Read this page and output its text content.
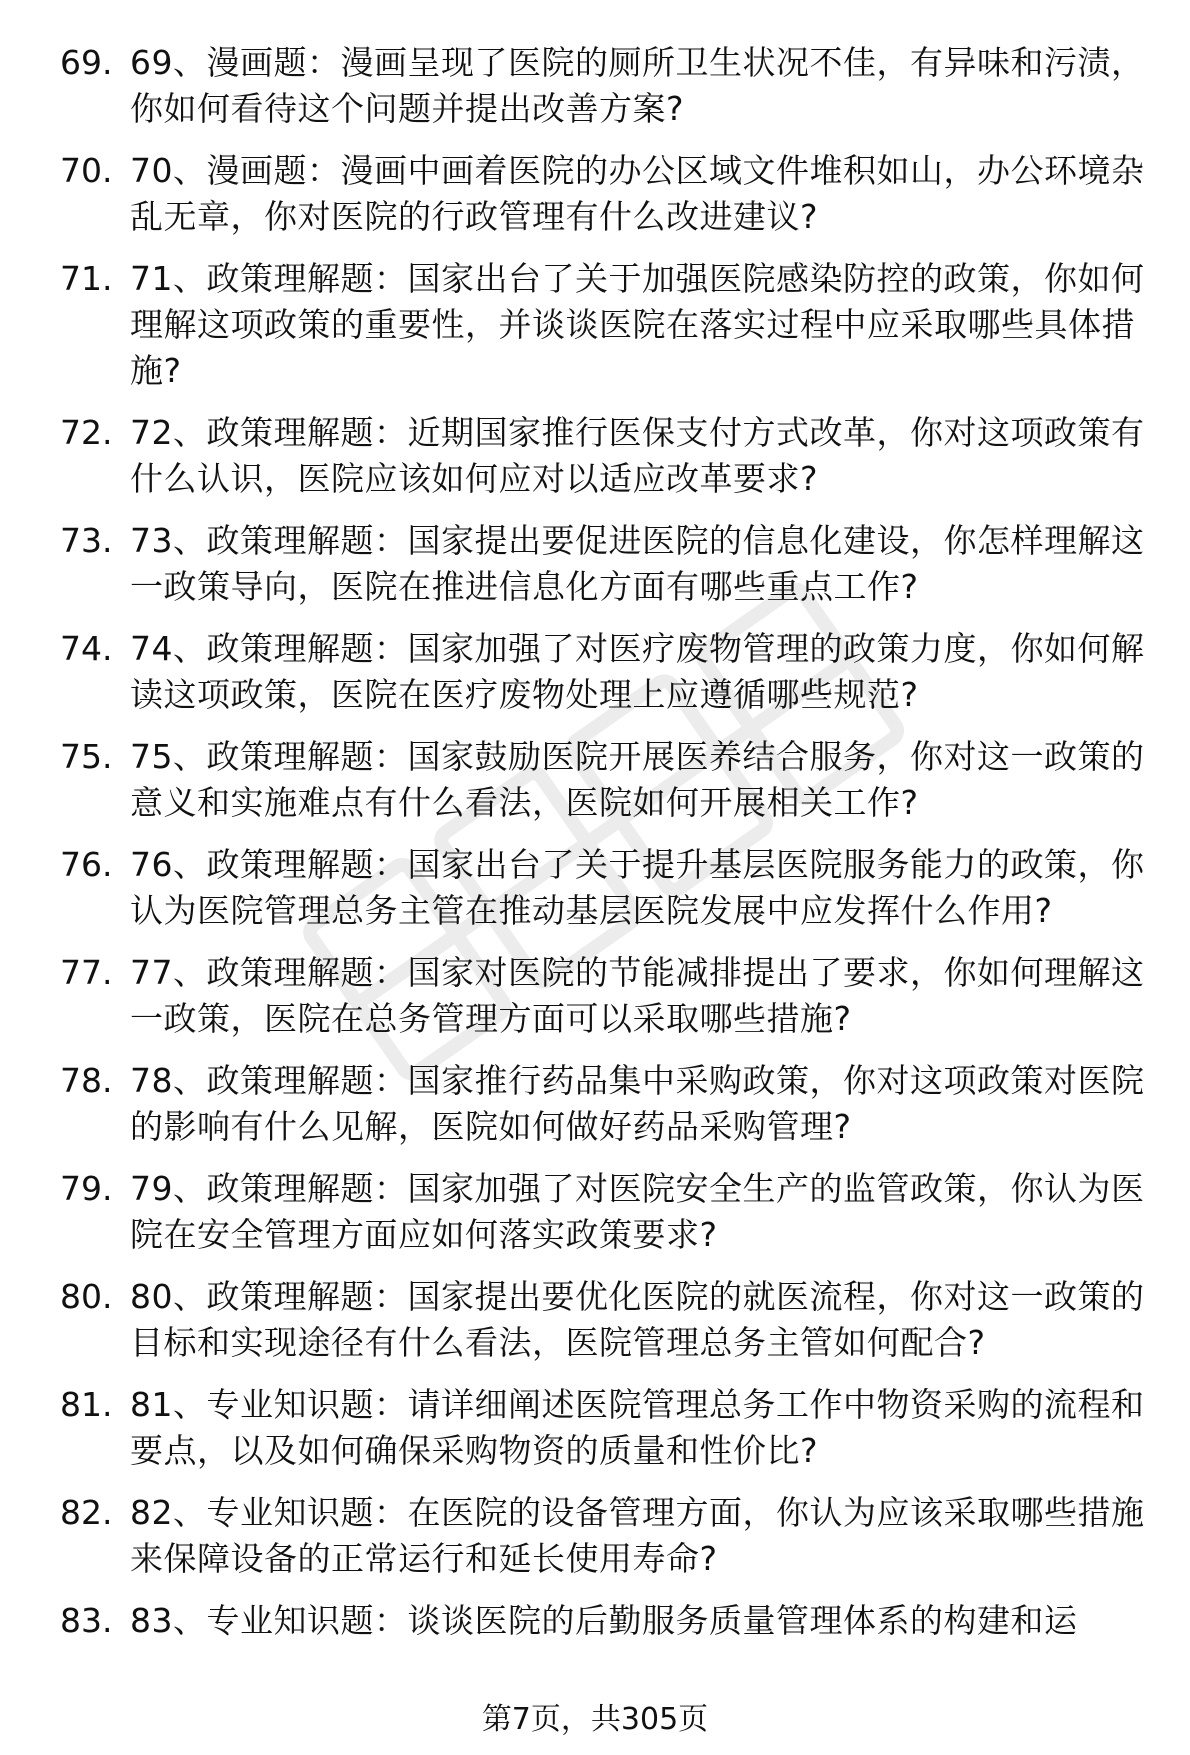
69. 69、漫画题：漫画呈现了医院的厕所卫生状况不佳，有异味和污渍，你如何看待这个问题并提出改善方案?
70. 70、漫画题：漫画中画着医院的办公区域文件堆积如山，办公环境杂乱无章，你对医院的行政管理有什么改进建议?
71. 71、政策理解题：国家出台了关于加强医院感染防控的政策，你如何理解这项政策的重要性，并谈谈医院在落实过程中应采取哪些具体措施?
72. 72、政策理解题：近期国家推行医保支付方式改革，你对这项政策有什么认识，医院应该如何应对以适应改革要求?
73. 73、政策理解题：国家提出要促进医院的信息化建设，你怎样理解这一政策导向，医院在推进信息化方面有哪些重点工作?
74. 74、政策理解题：国家加强了对医疗废物管理的政策力度，你如何解读这项政策，医院在医疗废物处理上应遵循哪些规范?
75. 75、政策理解题：国家鼓励医院开展医养结合服务，你对这一政策的意义和实施难点有什么看法，医院如何开展相关工作?
76. 76、政策理解题：国家出台了关于提升基层医院服务能力的政策，你认为医院管理总务主管在推动基层医院发展中应发挥什么作用?
77. 77、政策理解题：国家对医院的节能减排提出了要求，你如何理解这一政策，医院在总务管理方面可以采取哪些措施?
78. 78、政策理解题：国家推行药品集中采购政策，你对这项政策对医院的影响有什么见解，医院如何做好药品采购管理?
79. 79、政策理解题：国家加强了对医院安全生产的监管政策，你认为医院在安全管理方面应如何落实政策要求?
80. 80、政策理解题：国家提出要优化医院的就医流程，你对这一政策的目标和实现途径有什么看法，医院管理总务主管如何配合?
81. 81、专业知识题：请详细阐述医院管理总务工作中物资采购的流程和要点，以及如何确保采购物资的质量和性价比?
82. 82、专业知识题：在医院的设备管理方面，你认为应该采取哪些措施来保障设备的正常运行和延长使用寿命?
83. 83、专业知识题：谈谈医院的后勤服务质量管理体系的构建和运
第7页，共305页
